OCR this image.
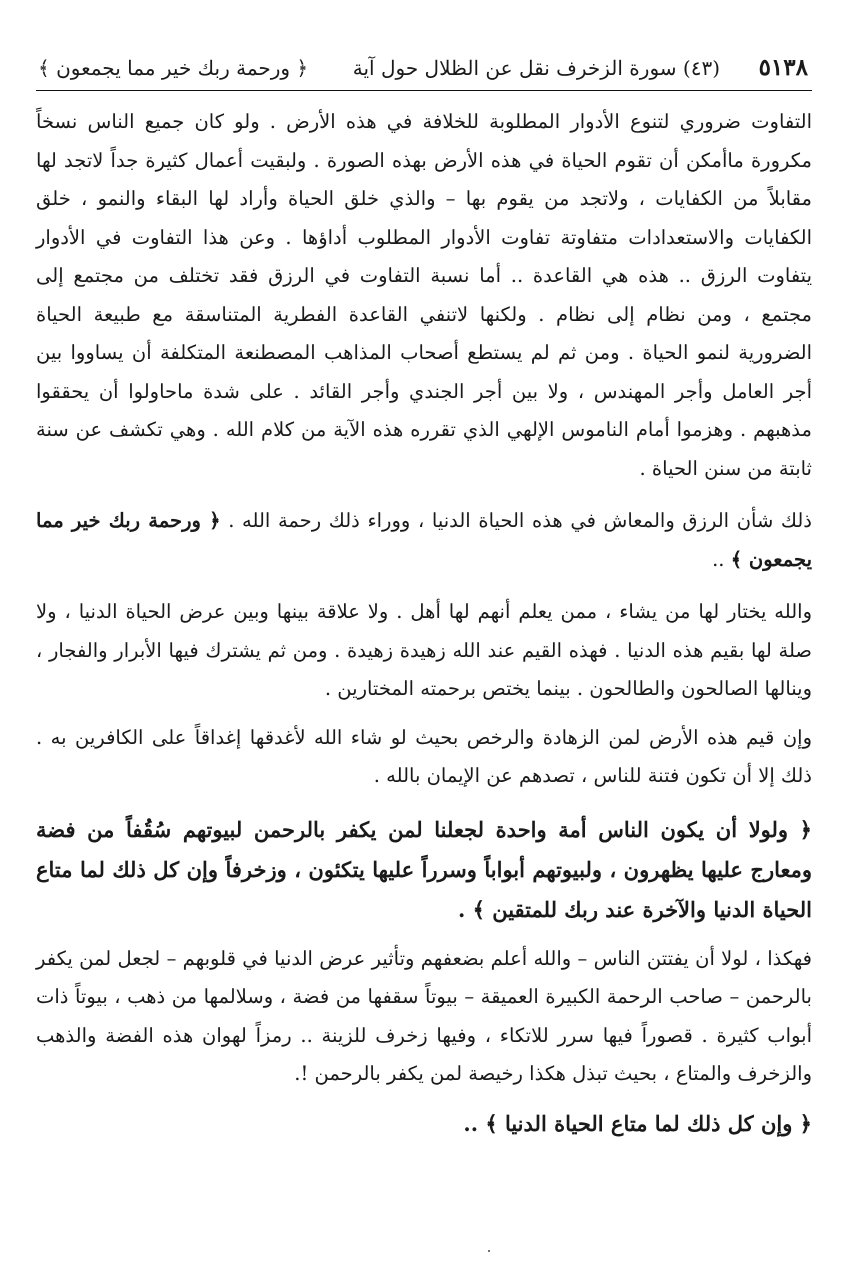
٥١٣٨
(٤٣) سورة الزخرف نقل عن الظلال حول آية
﴿ ورحمة ربك خير مما يجمعون ﴾

التفاوت ضروري لتنوع الأدوار المطلوبة للخلافة في هذه الأرض . ولو كان جميع الناس نسخاً مكرورة ماأمكن أن تقوم الحياة في هذه الأرض بهذه الصورة . ولبقيت أعمال كثيرة جداً لاتجد لها مقابلاً من الكفايات ، ولاتجد من يقوم بها – والذي خلق الحياة وأراد لها البقاء والنمو ، خلق الكفايات والاستعدادات متفاوتة تفاوت الأدوار المطلوب أداؤها . وعن هذا التفاوت في الأدوار يتفاوت الرزق .. هذه هي القاعدة .. أما نسبة التفاوت في الرزق فقد تختلف من مجتمع إلى مجتمع ، ومن نظام إلى نظام . ولكنها لاتنفي القاعدة الفطرية المتناسقة مع طبيعة الحياة الضرورية لنمو الحياة . ومن ثم لم يستطع أصحاب المذاهب المصطنعة المتكلفة أن يساووا بين أجر العامل وأجر المهندس ، ولا بين أجر الجندي وأجر القائد . على شدة ماحاولوا أن يحققوا مذهبهم . وهزموا أمام الناموس الإلهي الذي تقرره هذه الآية من كلام الله . وهي تكشف عن سنة ثابتة من سنن الحياة .

ذلك شأن الرزق والمعاش في هذه الحياة الدنيا ، ووراء ذلك رحمة الله . ﴿ ورحمة ربك خير مما يجمعون ﴾ ..

والله يختار لها من يشاء ، ممن يعلم أنهم لها أهل . ولا علاقة بينها وبين عرض الحياة الدنيا ، ولا صلة لها بقيم هذه الدنيا . فهذه القيم عند الله زهيدة زهيدة . ومن ثم يشترك فيها الأبرار والفجار ، وينالها الصالحون والطالحون . بينما يختص برحمته المختارين .

وإن قيم هذه الأرض لمن الزهادة والرخص بحيث لو شاء الله لأغدقها إغداقاً على الكافرين به . ذلك إلا أن تكون فتنة للناس ، تصدهم عن الإيمان بالله .

﴿ ولولا أن يكون الناس أمة واحدة لجعلنا لمن يكفر بالرحمن لبيوتهم سُقُفاً من فضة ومعارج عليها يظهرون ، ولبيوتهم أبواباً وسرراً عليها يتكئون ، وزخرفاً وإن كل ذلك لما متاع الحياة الدنيا والآخرة عند ربك للمتقين ﴾ .

فهكذا ، لولا أن يفتتن الناس – والله أعلم بضعفهم وتأثير عرض الدنيا في قلوبهم – لجعل لمن يكفر بالرحمن – صاحب الرحمة الكبيرة العميقة – بيوتاً سقفها من فضة ، وسلالمها من ذهب ، بيوتاً ذات أبواب كثيرة . قصوراً فيها سرر للاتكاء ، وفيها زخرف للزينة .. رمزاً لهوان هذه الفضة والذهب والزخرف والمتاع ، بحيث تبذل هكذا رخيصة لمن يكفر بالرحمن !.

﴿ وإن كل ذلك لما متاع الحياة الدنيا ﴾ ..
